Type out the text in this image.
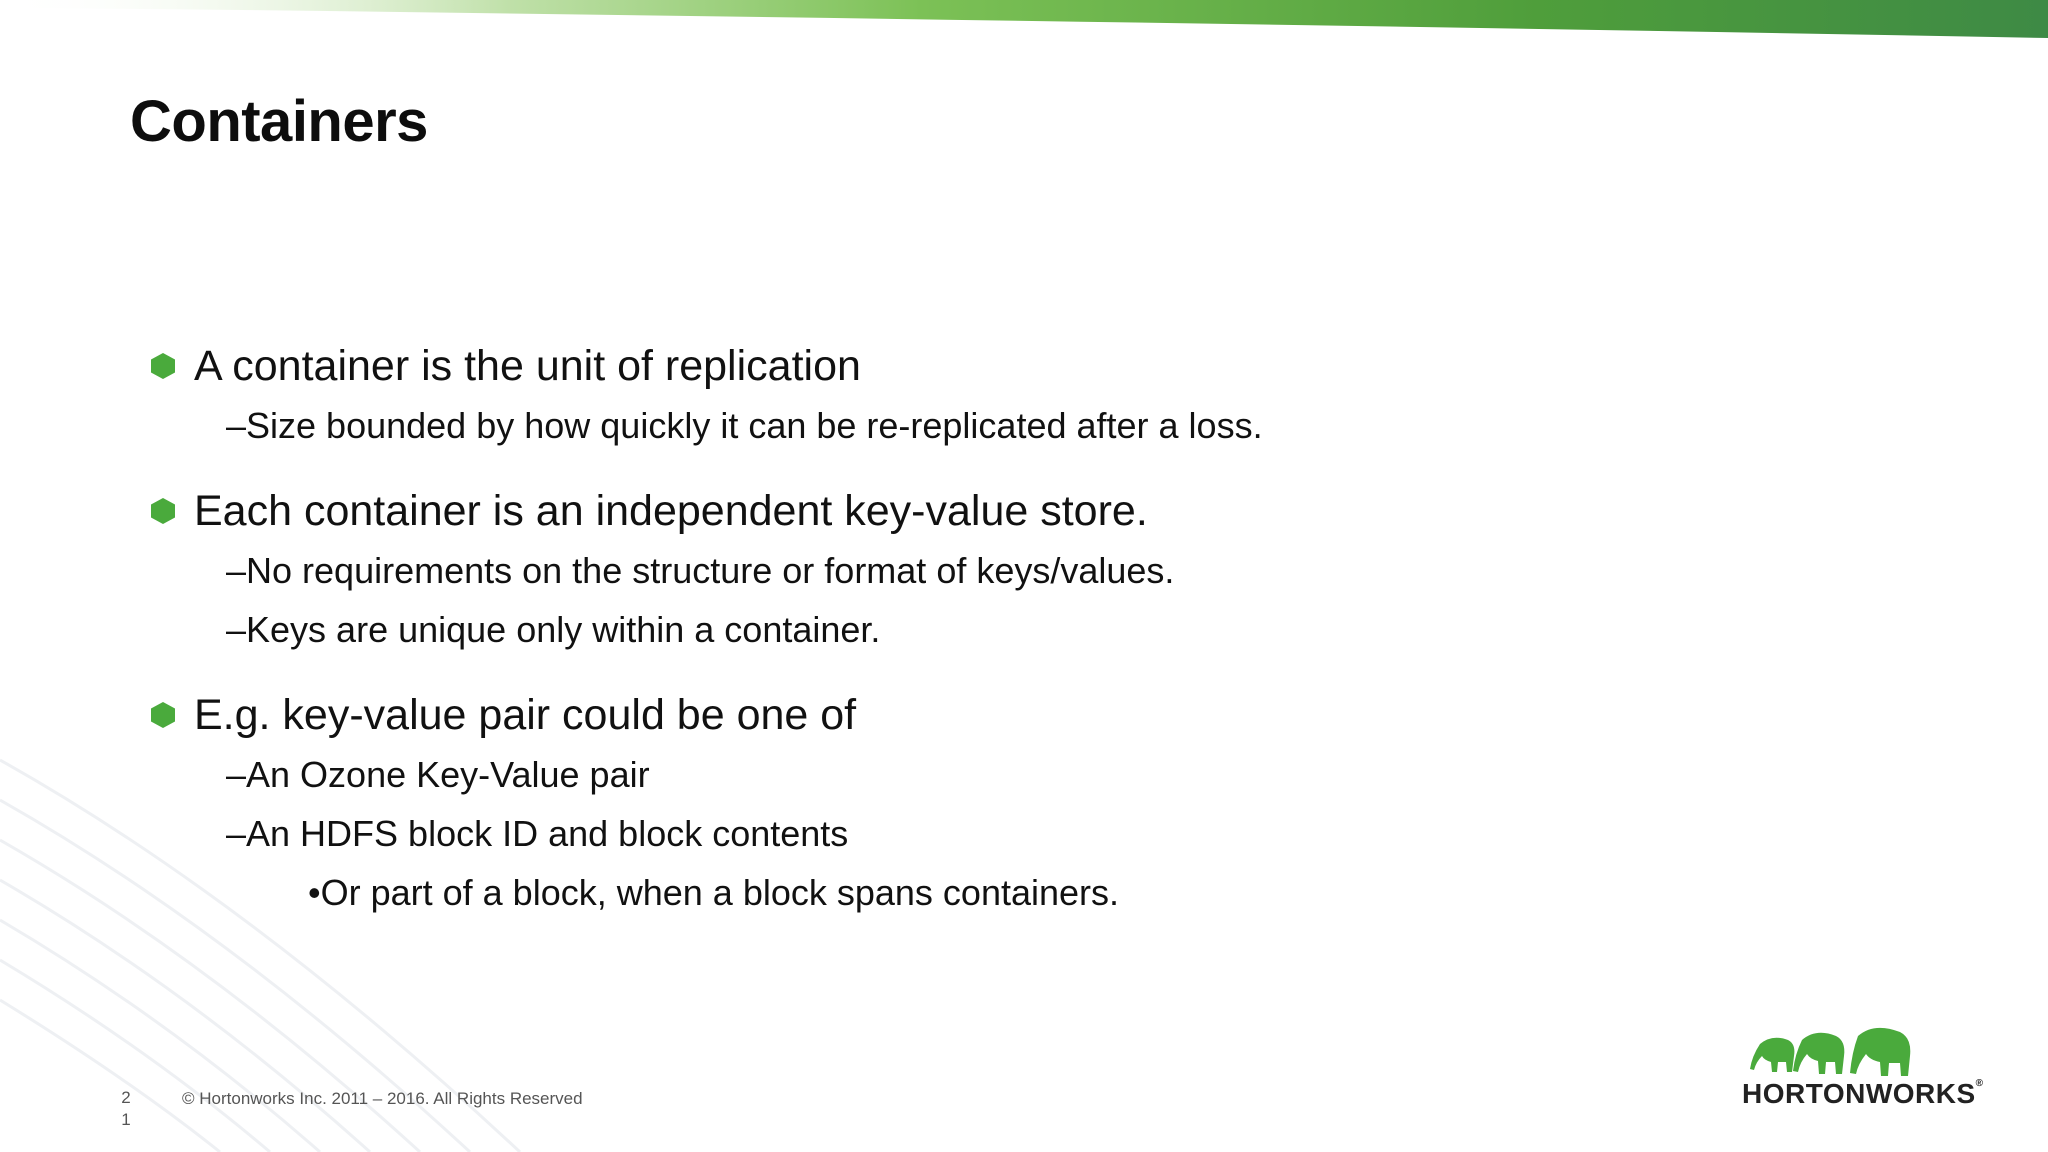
Containers
A container is the unit of replication
–Size bounded by how quickly it can be re-replicated after a loss.
Each container is an independent key-value store.
–No requirements on the structure or format of keys/values.
–Keys are unique only within a container.
E.g. key-value pair could be one of
–An Ozone Key-Value pair
–An HDFS block ID and block contents
•Or part of a block, when a block spans containers.
2
1
© Hortonworks Inc. 2011 – 2016. All Rights Reserved	HORTONWORKS®
